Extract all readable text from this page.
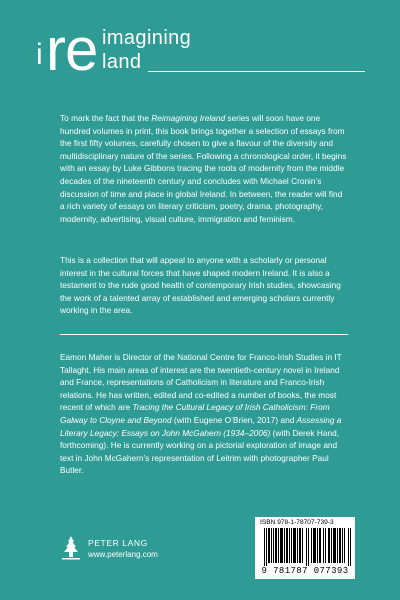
i re imagining
land

To mark the fact that the Reimagining Ireland series will soon have one hundred volumes in print, this book brings together a selection of essays from the first fifty volumes, carefully chosen to give a flavour of the diversity and multidisciplinary nature of the series. Following a chronological order, it begins with an essay by Luke Gibbons tracing the roots of modernity from the middle decades of the nineteenth century and concludes with Michael Cronin’s discussion of time and place in global Ireland. In between, the reader will find a rich variety of essays on literary criticism, poetry, drama, photography, modernity, advertising, visual culture, immigration and feminism.

This is a collection that will appeal to anyone with a scholarly or personal interest in the cultural forces that have shaped modern Ireland. It is also a testament to the rude good health of contemporary Irish studies, showcasing the work of a talented array of established and emerging scholars currently working in the area.

Eamon Maher is Director of the National Centre for Franco-Irish Studies in IT Tallaght. His main areas of interest are the twentieth-century novel in Ireland and France, representations of Catholicism in literature and Franco-Irish relations. He has written, edited and co-edited a number of books, the most recent of which are Tracing the Cultural Legacy of Irish Catholicism: From Galway to Cloyne and Beyond (with Eugene O’Brien, 2017) and Assessing a Literary Legacy: Essays on John McGahern (1934–2006) (with Derek Hand, forthcoming). He is currently working on a pictorial exploration of image and text in John McGahern’s representation of Leitrim with photographer Paul Butler.

PETER LANG
www.peterlang.com
ISBN 978-1-78707-739-3
9 781787 077393
